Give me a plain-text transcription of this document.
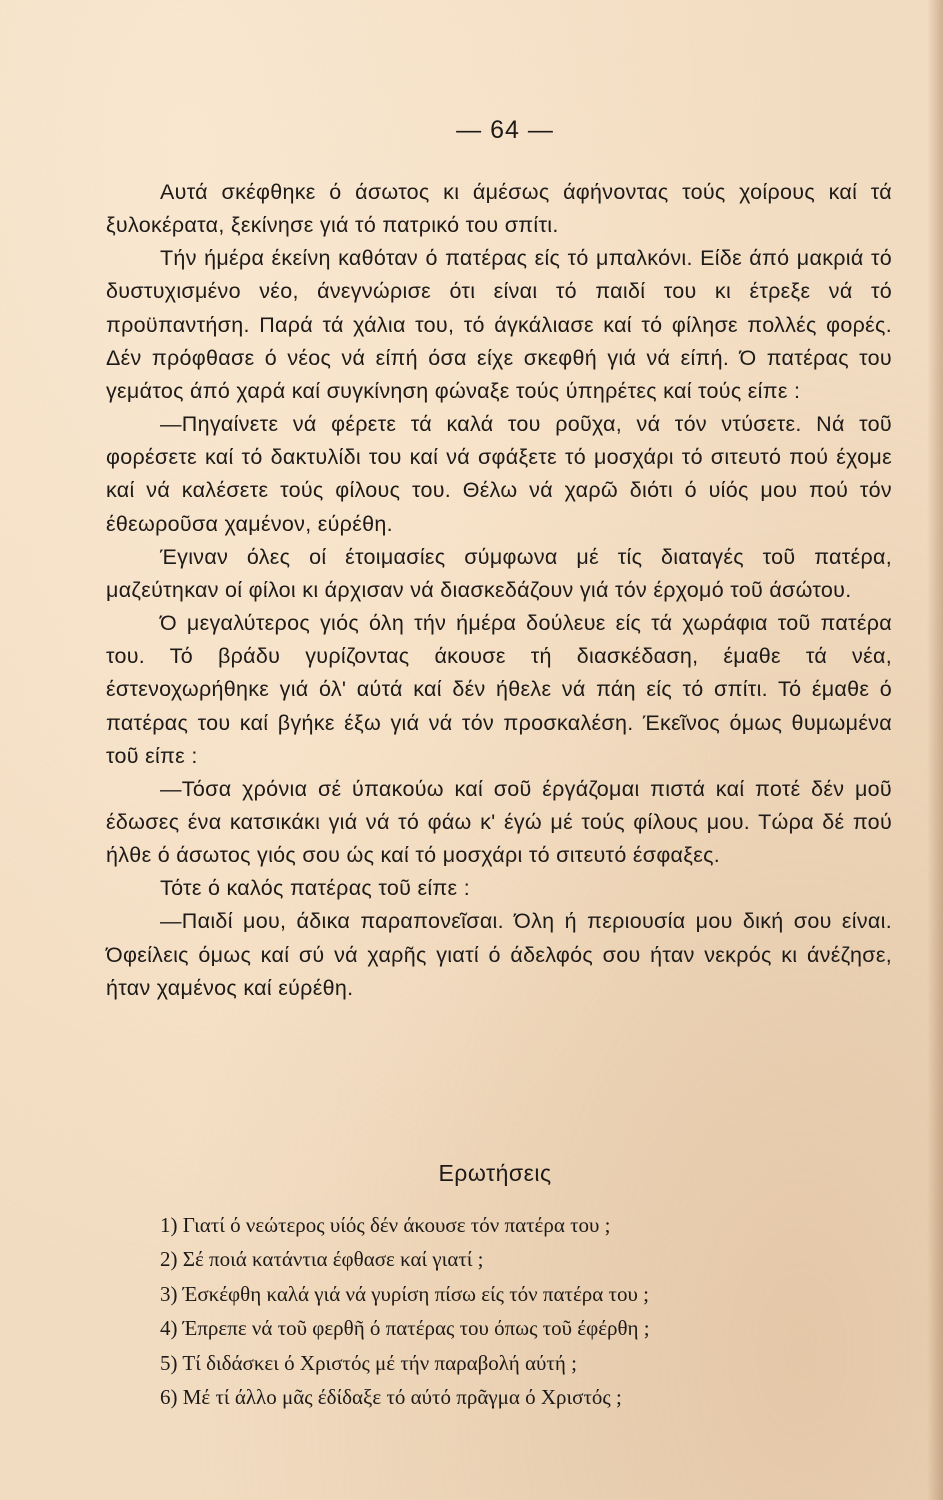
— 64 —

Αυτά σκέφθηκε ό άσωτος κι άμέσως άφήνοντας τούς χοίρους καί τά ξυλοκέρατα, ξεκίνησε γιά τό πατρικό του σπίτι.

Τήν ήμέρα έκείνη καθόταν ό πατέρας είς τό μπαλκόνι. Είδε άπό μακριά τό δυστυχισμένο νέο, άνεγνώρισε ότι είναι τό παιδί του κι έτρεξε νά τό προϋπαντήση. Παρά τά χάλια του, τό άγκάλιασε καί τό φίλησε πολλές φορές. Δέν πρόφθασε ό νέος νά είπή όσα είχε σκεφθή γιά νά είπή. Ό πατέρας του γεμάτος άπό χαρά καί συγκίνηση φώναξε τούς ύπηρέτες καί τούς είπε :

—Πηγαίνετε νά φέρετε τά καλά του ροῦχα, νά τόν ντύσετε. Νά τοῦ φορέσετε καί τό δακτυλίδι του καί νά σφάξετε τό μοσχάρι τό σιτευτό πού έχομε καί νά καλέσετε τούς φίλους του. Θέλω νά χαρῶ διότι ό υίός μου πού τόν έθεωροῦσα χαμένον, εύρέθη.

Έγιναν όλες οί έτοιμασίες σύμφωνα μέ τίς διαταγές τοῦ πατέρα, μαζεύτηκαν οί φίλοι κι άρχισαν νά διασκεδάζουν γιά τόν έρχομό τοῦ άσώτου.

Ό μεγαλύτερος γιός όλη τήν ήμέρα δούλευε είς τά χωράφια τοῦ πατέρα του. Τό βράδυ γυρίζοντας άκουσε τή διασκέδαση, έμαθε τά νέα, έστενοχωρήθηκε γιά όλ' αύτά καί δέν ήθελε νά πάη είς τό σπίτι. Τό έμαθε ό πατέρας του καί βγήκε έξω γιά νά τόν προσκαλέση. Έκεῖνος όμως θυμωμένα τοῦ είπε :

—Τόσα χρόνια σέ ύπακούω καί σοῦ έργάζομαι πιστά καί ποτέ δέν μοῦ έδωσες ένα κατσικάκι γιά νά τό φάω κ' έγώ μέ τούς φίλους μου. Τώρα δέ πού ήλθε ό άσωτος γιός σου ώς καί τό μοσχάρι τό σιτευτό έσφαξες.

Τότε ό καλός πατέρας τοῦ είπε :

—Παιδί μου, άδικα παραπονεῖσαι. Όλη ή περιουσία μου δική σου είναι. Όφείλεις όμως καί σύ νά χαρῆς γιατί ό άδελφός σου ήταν νεκρός κι άνέζησε, ήταν χαμένος καί εύρέθη.

Ερωτήσεις
1) Γιατί ό νεώτερος υίός δέν άκουσε τόν πατέρα του ;
2) Σέ ποιά κατάντια έφθασε καί γιατί ;
3) Έσκέφθη καλά γιά νά γυρίση πίσω είς τόν πατέρα του ;
4) Έπρεπε νά τοῦ φερθῆ ό πατέρας του όπως τοῦ έφέρθη ;
5) Τί διδάσκει ό Χριστός μέ τήν παραβολή αύτή ;
6) Μέ τί άλλο μᾶς έδίδαξε τό αύτό πρᾶγμα ό Χριστός ;
